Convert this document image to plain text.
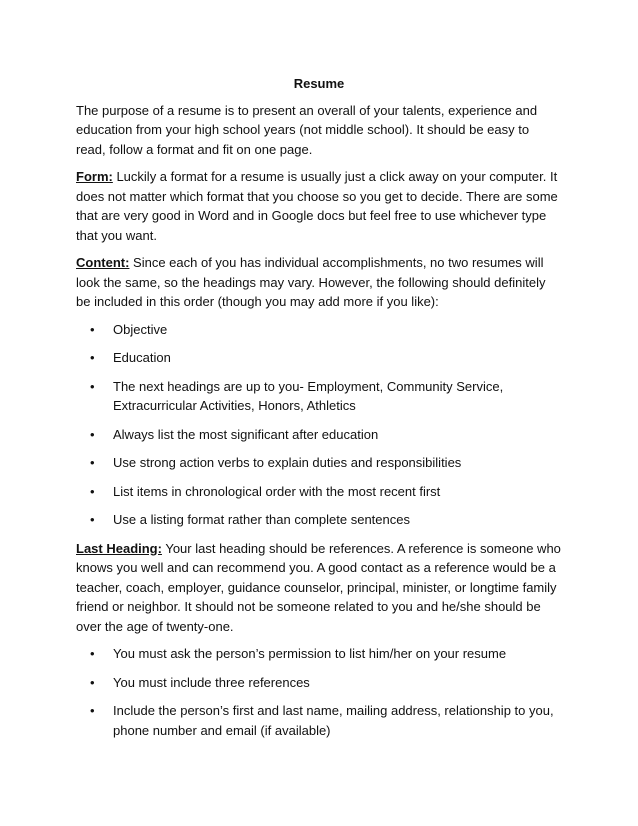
Resume

The purpose of a resume is to present an overall of your talents, experience and education from your high school years (not middle school). It should be easy to read, follow a format and fit on one page.

Form: Luckily a format for a resume is usually just a click away on your computer. It does not matter which format that you choose so you get to decide. There are some that are very good in Word and in Google docs but feel free to use whichever type that you want.

Content: Since each of you has individual accomplishments, no two resumes will look the same, so the headings may vary. However, the following should definitely be included in this order (though you may add more if you like):

• Objective
• Education
• The next headings are up to you- Employment, Community Service, Extracurricular Activities, Honors, Athletics
• Always list the most significant after education
• Use strong action verbs to explain duties and responsibilities
• List items in chronological order with the most recent first
• Use a listing format rather than complete sentences

Last Heading: Your last heading should be references. A reference is someone who knows you well and can recommend you. A good contact as a reference would be a teacher, coach, employer, guidance counselor, principal, minister, or longtime family friend or neighbor. It should not be someone related to you and he/she should be over the age of twenty-one.

• You must ask the person’s permission to list him/her on your resume
• You must include three references
• Include the person’s first and last name, mailing address, relationship to you, phone number and email (if available)
